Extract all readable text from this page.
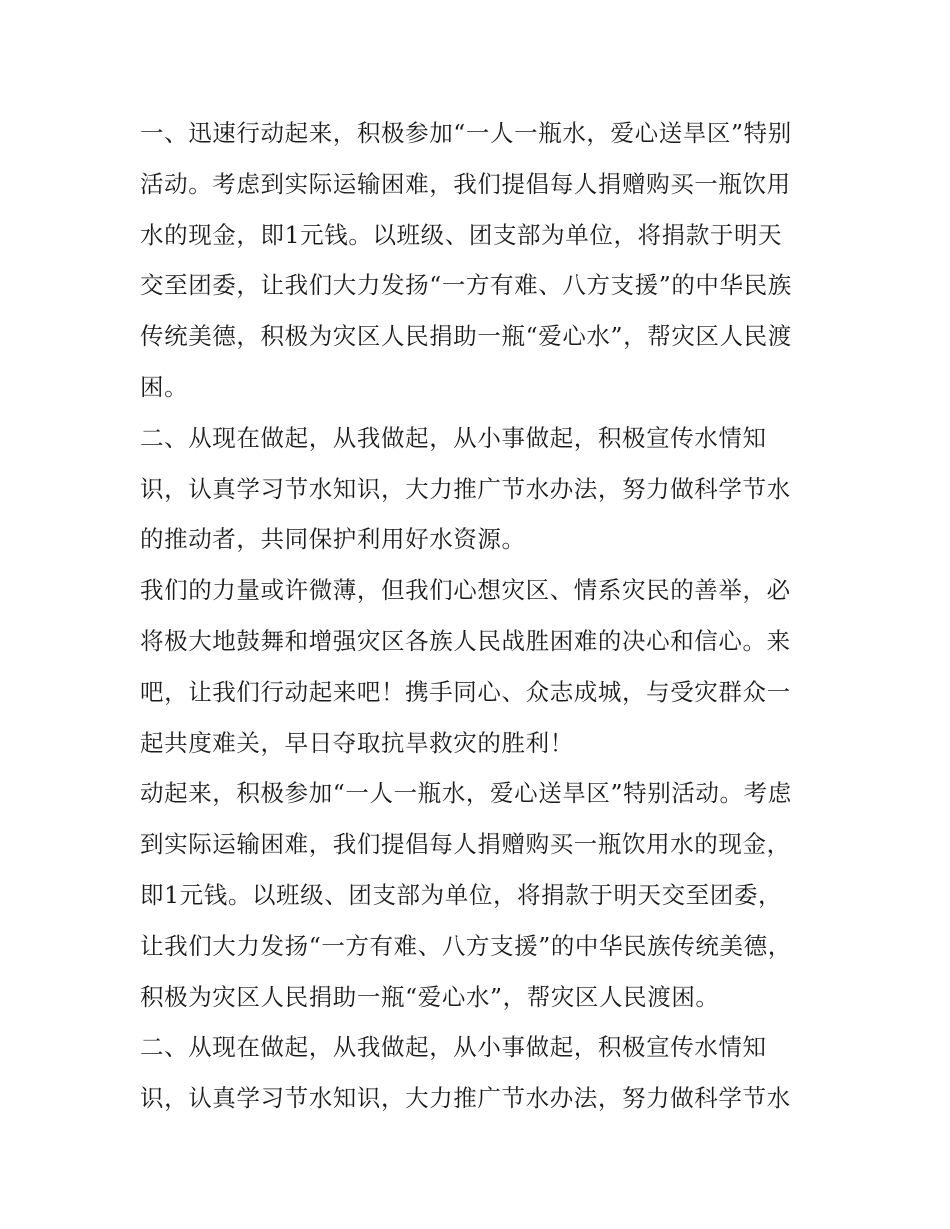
一、迅速行动起来，积极参加“一人一瓶水，爱心送旱区”特别
活动。考虑到实际运输困难，我们提倡每人捐赠购买一瓶饮用
水的现金，即1元钱。以班级、团支部为单位，将捐款于明天
交至团委，让我们大力发扬“一方有难、八方支援”的中华民族
传统美德，积极为灾区人民捐助一瓶“爱心水”，帮灾区人民渡
困。
二、从现在做起，从我做起，从小事做起，积极宣传水情知
识，认真学习节水知识，大力推广节水办法，努力做科学节水
的推动者，共同保护利用好水资源。
我们的力量或许微薄，但我们心想灾区、情系灾民的善举，必
将极大地鼓舞和增强灾区各族人民战胜困难的决心和信心。来
吧，让我们行动起来吧！携手同心、众志成城，与受灾群众一
起共度难关，早日夺取抗旱救灾的胜利！
动起来，积极参加“一人一瓶水，爱心送旱区”特别活动。考虑
到实际运输困难，我们提倡每人捐赠购买一瓶饮用水的现金，
即1元钱。以班级、团支部为单位，将捐款于明天交至团委，
让我们大力发扬“一方有难、八方支援”的中华民族传统美德，
积极为灾区人民捐助一瓶“爱心水”，帮灾区人民渡困。
二、从现在做起，从我做起，从小事做起，积极宣传水情知
识，认真学习节水知识，大力推广节水办法，努力做科学节水
